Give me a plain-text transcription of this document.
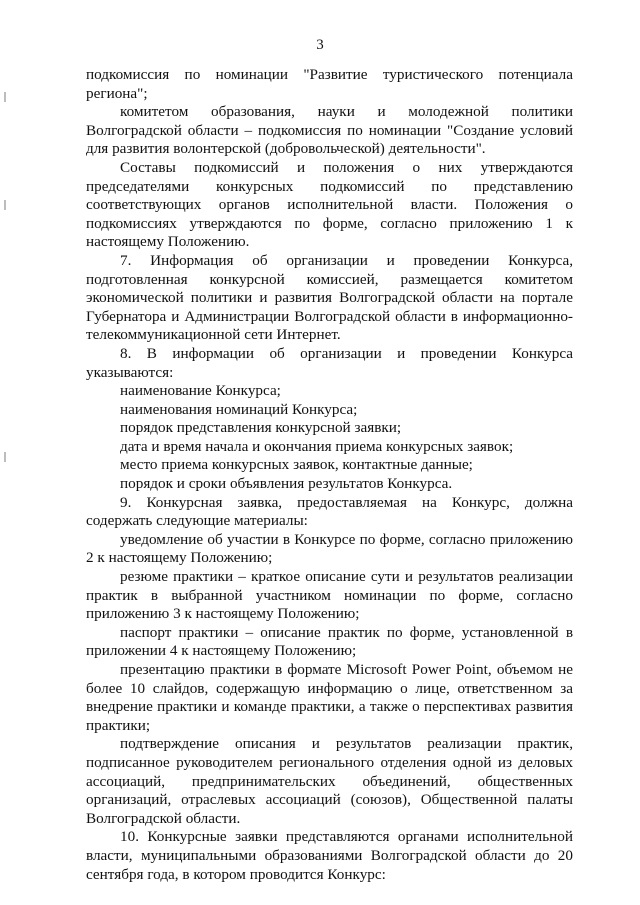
3

подкомиссия по номинации "Развитие туристического потенциала региона";

комитетом образования, науки и молодежной политики Волгоградской области – подкомиссия по номинации "Создание условий для развития волонтерской (добровольческой) деятельности".

Составы подкомиссий и положения о них утверждаются председателями конкурсных подкомиссий по представлению соответствующих органов исполнительной власти. Положения о подкомиссиях утверждаются по форме, согласно приложению 1 к настоящему Положению.

7. Информация об организации и проведении Конкурса, подготовленная конкурсной комиссией, размещается комитетом экономической политики и развития Волгоградской области на портале Губернатора и Администрации Волгоградской области в информационно-телекоммуникационной сети Интернет.

8. В информации об организации и проведении Конкурса указываются:

наименование Конкурса;

наименования номинаций Конкурса;

порядок представления конкурсной заявки;

дата и время начала и окончания приема конкурсных заявок;

место приема конкурсных заявок, контактные данные;

порядок и сроки объявления результатов Конкурса.

9. Конкурсная заявка, предоставляемая на Конкурс, должна содержать следующие материалы:

уведомление об участии в Конкурсе по форме, согласно приложению 2 к настоящему Положению;

резюме практики – краткое описание сути и результатов реализации практик в выбранной участником номинации по форме, согласно приложению 3 к настоящему Положению;

паспорт практики – описание практик по форме, установленной в приложении 4 к настоящему Положению;

презентацию практики в формате Microsoft Power Point, объемом не более 10 слайдов, содержащую информацию о лице, ответственном за внедрение практики и команде практики, а также о перспективах развития практики;

подтверждение описания и результатов реализации практик, подписанное руководителем регионального отделения одной из деловых ассоциаций, предпринимательских объединений, общественных организаций, отраслевых ассоциаций (союзов), Общественной палаты Волгоградской области.

10. Конкурсные заявки представляются органами исполнительной власти, муниципальными образованиями Волгоградской области до 20 сентября года, в котором проводится Конкурс:
